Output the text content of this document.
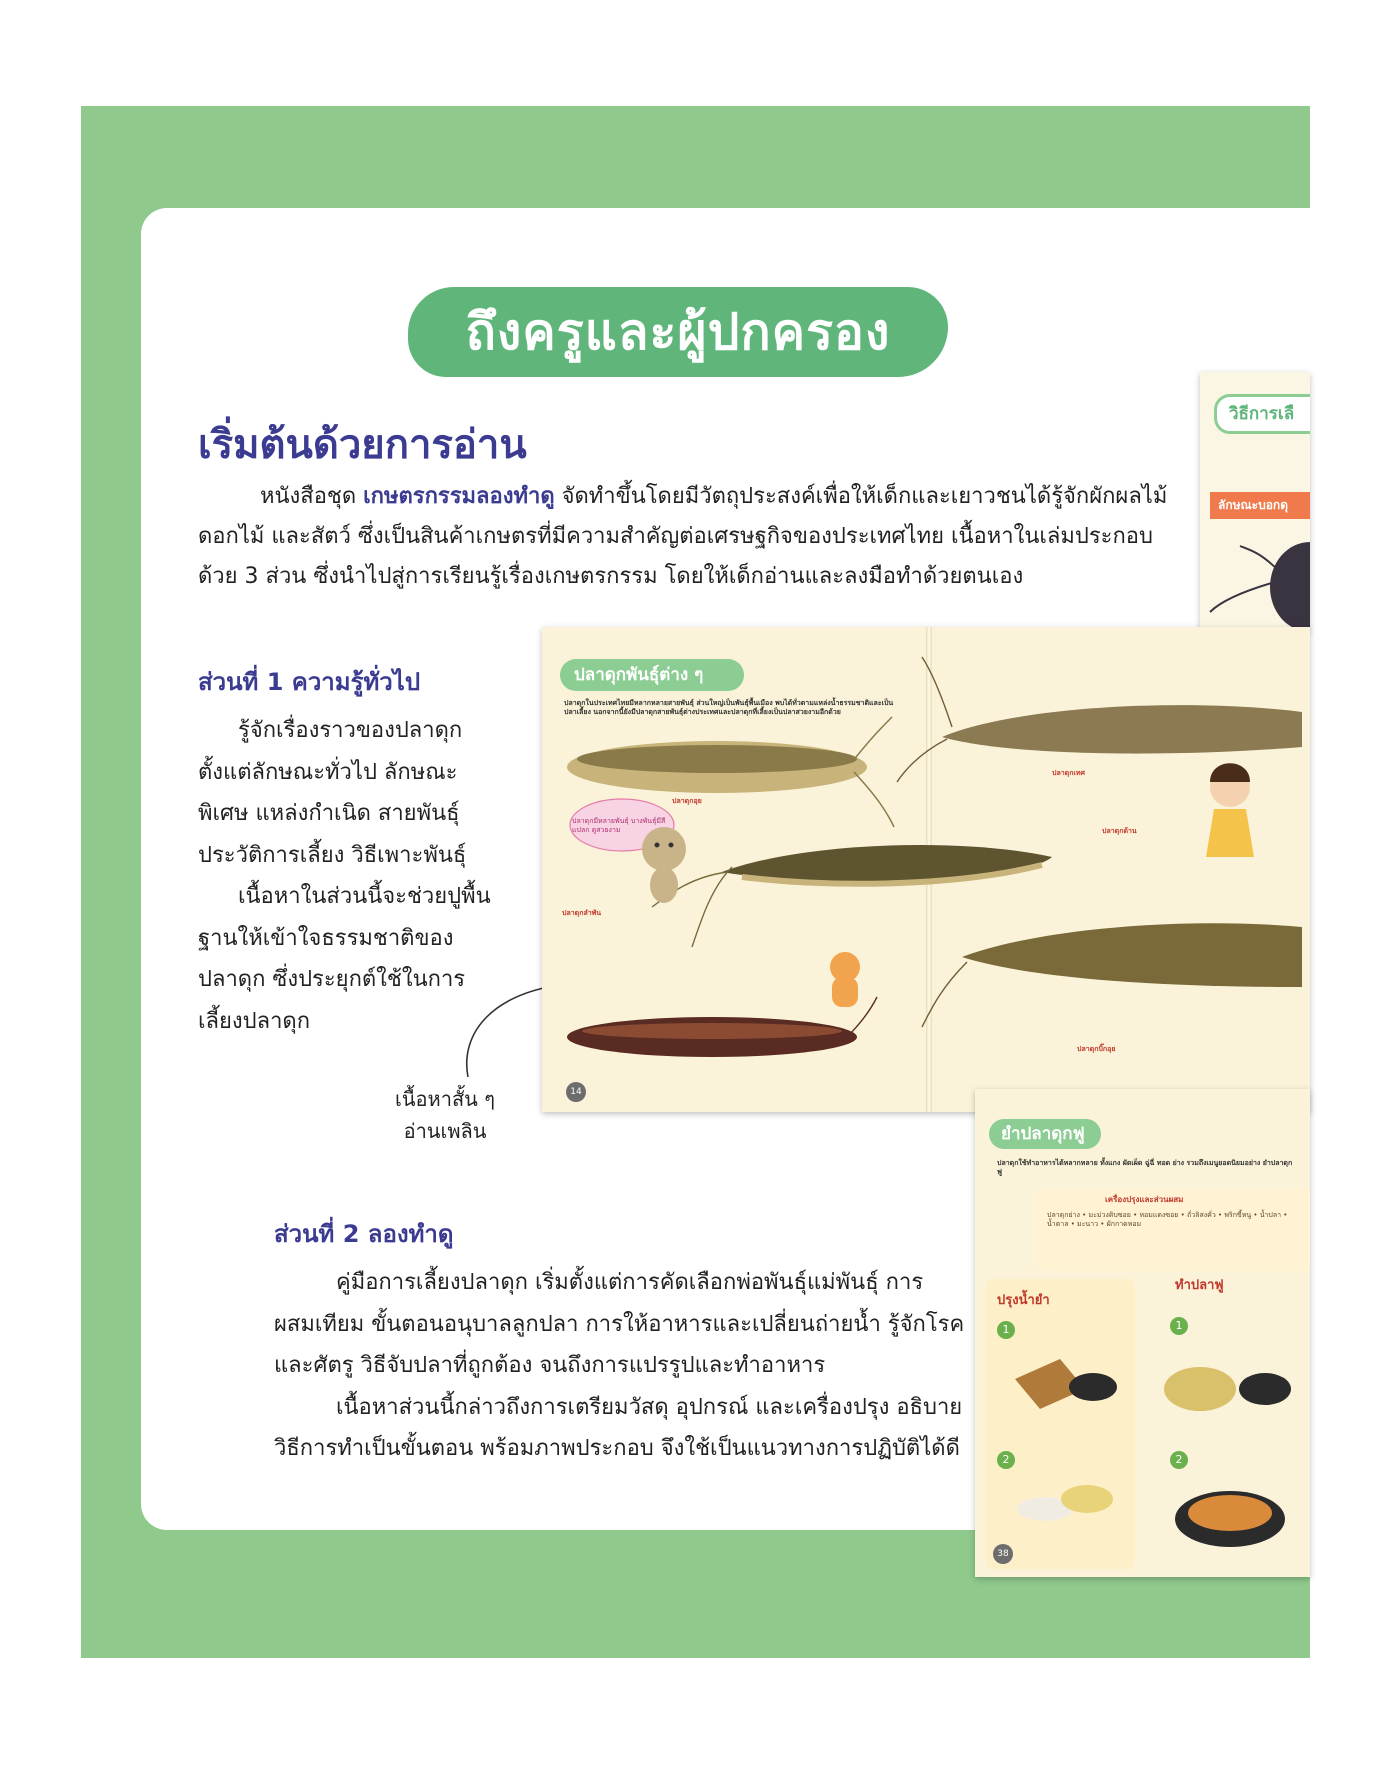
ถึงครูและผู้ปกครอง
เริ่มต้นด้วยการอ่าน
หนังสือชุด เกษตรกรรมลองทำดู จัดทำขึ้นโดยมีวัตถุประสงค์เพื่อให้เด็กและเยาวชนได้รู้จักผักผลไม้ ดอกไม้ และสัตว์ ซึ่งเป็นสินค้าเกษตรที่มีความสำคัญต่อเศรษฐกิจของประเทศไทย เนื้อหาในเล่มประกอบด้วย 3 ส่วน ซึ่งนำไปสู่การเรียนรู้เรื่องเกษตรกรรม โดยให้เด็กอ่านและลงมือทำด้วยตนเอง
ส่วนที่ 1 ความรู้ทั่วไป

รู้จักเรื่องราวของปลาดุก ตั้งแต่ลักษณะทั่วไป ลักษณะพิเศษ แหล่งกำเนิด สายพันธุ์ ประวัติการเลี้ยง วิธีเพาะพันธุ์

เนื้อหาในส่วนนี้จะช่วยปูพื้นฐานให้เข้าใจธรรมชาติของปลาดุก ซึ่งประยุกต์ใช้ในการเลี้ยงปลาดุก

เนื้อหาสั้น ๆ
อ่านเพลิน
ส่วนที่ 2 ลองทำดู

คู่มือการเลี้ยงปลาดุก เริ่มตั้งแต่การคัดเลือกพ่อพันธุ์แม่พันธุ์ การผสมเทียม ขั้นตอนอนุบาลลูกปลา การให้อาหารและเปลี่ยนถ่ายน้ำ รู้จักโรคและศัตรู วิธีจับปลาที่ถูกต้อง จนถึงการแปรรูปและทำอาหาร

เนื้อหาส่วนนี้กล่าวถึงการเตรียมวัสดุ อุปกรณ์ และเครื่องปรุง อธิบายวิธีการทำเป็นขั้นตอน พร้อมภาพประกอบ จึงใช้เป็นแนวทางการปฏิบัติได้ดี

วิธีการเลื
ลักษณะบอกดุ
ปลาดุกพันธุ์ต่าง ๆ
ปลาดุกในประเทศไทยมีหลากหลายสายพันธุ์ ส่วนใหญ่เป็นพันธุ์พื้นเมือง พบได้ทั่วตามแหล่งน้ำธรรมชาติและเป็นปลาเลี้ยง นอกจากนี้ยังมีปลาดุกสายพันธุ์ต่างประเทศและปลาดุกที่เลี้ยงเป็นปลาสวยงามอีกด้วย
ปลาดุกมีหลายพันธุ์ บางพันธุ์มีสีแปลก ดูสวยงาม
ปลาดุกอุย
ปลาดุกลำพัน
ปลาดุกเทศ
ปลาดุกด้าน
ปลาดุกบิ๊กอุย
14
ยำปลาดุกฟู
ปลาดุกใช้ทำอาหารได้หลากหลาย ทั้งแกง ผัดเผ็ด ฉู่ฉี่ ทอด ย่าง รวมถึงเมนูยอดนิยมอย่าง ยำปลาดุกฟู
เครื่องปรุงและส่วนผสม
ปลาดุกย่าง • มะม่วงดิบซอย • หอมแดงซอย • ถั่วลิสงคั่ว • พริกขี้หนู • น้ำปลา • น้ำตาล • มะนาว • ผักกาดหอม
ปรุงน้ำยำ
ทำปลาฟู
1
2
1
2
38
